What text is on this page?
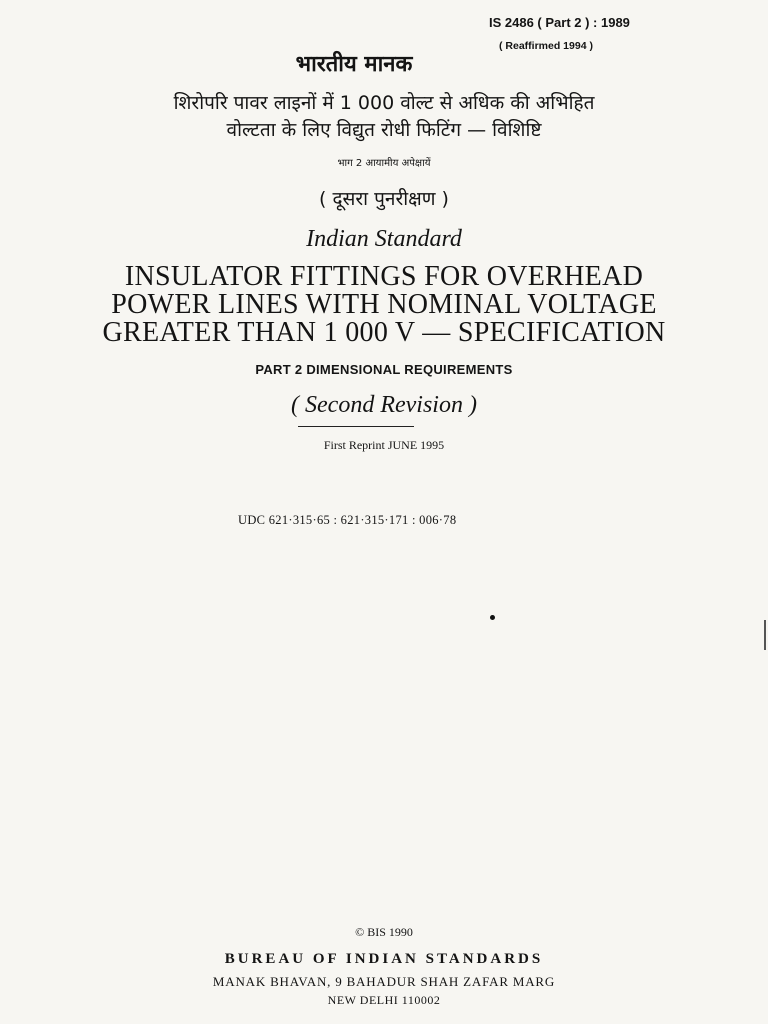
IS 2486 ( Part 2 ) : 1989
( Reaffirmed 1994 )
भारतीय मानक
शिरोपरि पावर लाइनों में 1 000 वोल्ट से अधिक की अभिहित
वोल्टता के लिए विद्युत रोधी फिटिंग — विशिष्टि
भाग 2 आयामीय अपेक्षायें
( दूसरा पुनरीक्षण )
Indian Standard
INSULATOR FITTINGS FOR OVERHEAD
POWER LINES WITH NOMINAL VOLTAGE
GREATER THAN 1 000 V — SPECIFICATION
PART 2 DIMENSIONAL REQUIREMENTS
( Second Revision )
First Reprint JUNE 1995
UDC 621·315·65 : 621·315·171 : 006·78
© BIS 1990
BUREAU OF INDIAN STANDARDS
MANAK BHAVAN, 9 BAHADUR SHAH ZAFAR MARG
NEW DELHI 110002
